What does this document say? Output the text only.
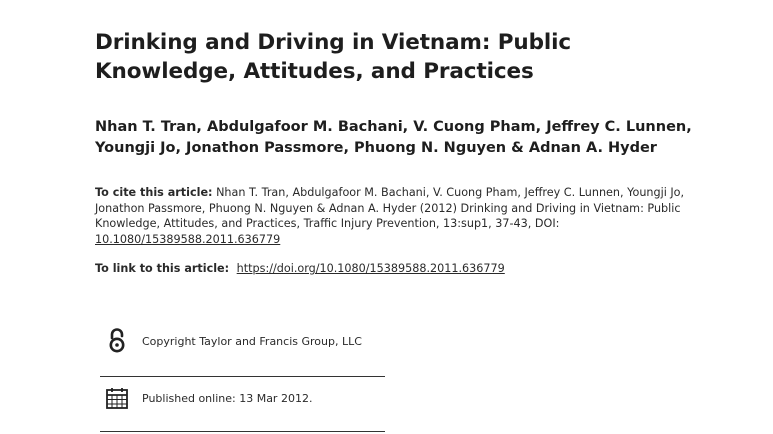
Drinking and Driving in Vietnam: Public Knowledge, Attitudes, and Practices
Nhan T. Tran, Abdulgafoor M. Bachani, V. Cuong Pham, Jeffrey C. Lunnen, Youngji Jo, Jonathon Passmore, Phuong N. Nguyen & Adnan A. Hyder
To cite this article: Nhan T. Tran, Abdulgafoor M. Bachani, V. Cuong Pham, Jeffrey C. Lunnen, Youngji Jo, Jonathon Passmore, Phuong N. Nguyen & Adnan A. Hyder (2012) Drinking and Driving in Vietnam: Public Knowledge, Attitudes, and Practices, Traffic Injury Prevention, 13:sup1, 37-43, DOI: 10.1080/15389588.2011.636779
To link to this article: https://doi.org/10.1080/15389588.2011.636779
Copyright Taylor and Francis Group, LLC
Published online: 13 Mar 2012.
